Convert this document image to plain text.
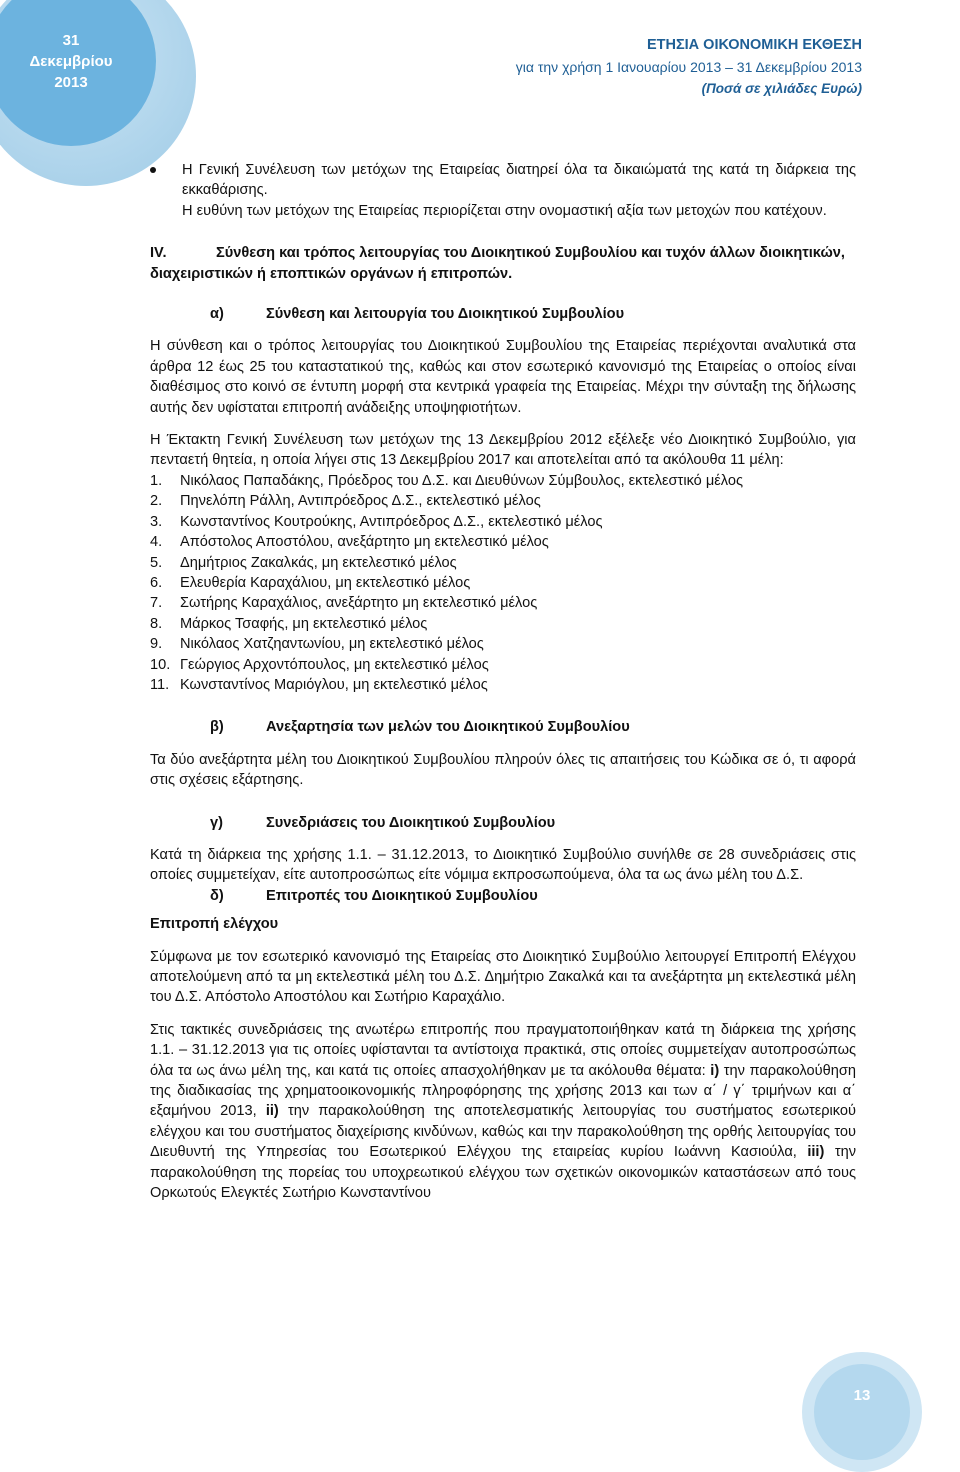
31
Δεκεμβρίου
2013
ΕΤΗΣΙΑ ΟΙΚΟΝΟΜΙΚΗ ΕΚΘΕΣΗ
για την χρήση 1 Ιανουαρίου 2013 – 31 Δεκεμβρίου 2013
(Ποσά σε χιλιάδες Ευρώ)
Η Γενική Συνέλευση των μετόχων της Εταιρείας διατηρεί όλα τα δικαιώματά της κατά τη διάρκεια της εκκαθάρισης.
Η ευθύνη των μετόχων της Εταιρείας περιορίζεται στην ονομαστική αξία των μετοχών που κατέχουν.
IV.	Σύνθεση και τρόπος λειτουργίας του Διοικητικού Συμβουλίου και τυχόν άλλων διοικητικών, διαχειριστικών ή εποπτικών οργάνων ή επιτροπών.
α)	Σύνθεση και λειτουργία του Διοικητικού Συμβουλίου

Η σύνθεση και ο τρόπος λειτουργίας του Διοικητικού Συμβουλίου της Εταιρείας περιέχονται αναλυτικά στα άρθρα 12 έως 25 του καταστατικού της, καθώς και στον εσωτερικό κανονισμό της Εταιρείας ο οποίος είναι διαθέσιμος στο κοινό σε έντυπη μορφή στα κεντρικά γραφεία της Εταιρείας. Μέχρι την σύνταξη της δήλωσης αυτής δεν υφίσταται επιτροπή ανάδειξης υποψηφιοτήτων.

Η Έκτακτη Γενική Συνέλευση των μετόχων της 13 Δεκεμβρίου 2012 εξέλεξε νέο Διοικητικό Συμβούλιο, για πενταετή θητεία, η οποία λήγει στις 13 Δεκεμβρίου 2017 και αποτελείται από τα ακόλουθα 11 μέλη:

1.	Νικόλαος Παπαδάκης, Πρόεδρος του Δ.Σ. και Διευθύνων Σύμβουλος, εκτελεστικό μέλος
2.	Πηνελόπη Ράλλη, Αντιπρόεδρος Δ.Σ., εκτελεστικό μέλος
3.	Κωνσταντίνος Κουτρούκης, Αντιπρόεδρος Δ.Σ., εκτελεστικό μέλος
4.	Απόστολος Αποστόλου, ανεξάρτητο μη εκτελεστικό μέλος
5.	Δημήτριος Ζακαλκάς, μη εκτελεστικό μέλος
6.	Ελευθερία Καραχάλιου, μη εκτελεστικό μέλος
7.	Σωτήρης Καραχάλιος, ανεξάρτητο μη εκτελεστικό μέλος
8.	Μάρκος Τσαφής, μη εκτελεστικό μέλος
9.	Νικόλαος Χατζηαντωνίου, μη εκτελεστικό μέλος
10. Γεώργιος Αρχοντόπουλος, μη εκτελεστικό μέλος
11. Κωνσταντίνος Μαριόγλου, μη εκτελεστικό μέλος
β)	Ανεξαρτησία των μελών του Διοικητικού Συμβουλίου

Τα δύο ανεξάρτητα μέλη του Διοικητικού Συμβουλίου πληρούν όλες τις απαιτήσεις του Κώδικα σε ό, τι αφορά στις σχέσεις εξάρτησης.

γ)	Συνεδριάσεις του Διοικητικού Συμβουλίου

Κατά τη διάρκεια της χρήσης 1.1. – 31.12.2013, το Διοικητικό Συμβούλιο συνήλθε σε 28 συνεδριάσεις στις οποίες συμμετείχαν, είτε αυτοπροσώπως είτε νόμιμα εκπροσωπούμενα, όλα τα ως άνω μέλη του Δ.Σ.

δ)	Επιτροπές του Διοικητικού Συμβουλίου
Επιτροπή ελέγχου

Σύμφωνα με τον εσωτερικό κανονισμό της Εταιρείας στο Διοικητικό Συμβούλιο λειτουργεί Επιτροπή Ελέγχου αποτελούμενη από τα μη εκτελεστικά μέλη του Δ.Σ. Δημήτριο Ζακαλκά και τα ανεξάρτητα μη εκτελεστικά μέλη του Δ.Σ. Απόστολο Αποστόλου και Σωτήριο Καραχάλιο.

Στις τακτικές συνεδριάσεις της ανωτέρω επιτροπής που πραγματοποιήθηκαν κατά τη διάρκεια της χρήσης 1.1. – 31.12.2013 για τις οποίες υφίστανται τα αντίστοιχα πρακτικά, στις οποίες συμμετείχαν αυτοπροσώπως όλα τα ως άνω μέλη της, και κατά τις οποίες απασχολήθηκαν με τα ακόλουθα θέματα: i) την παρακολούθηση της διαδικασίας της χρηματοοικονομικής πληροφόρησης της χρήσης 2013 και των α΄ / γ΄ τριμήνων και α΄ εξαμήνου 2013, ii) την παρακολούθηση της αποτελεσματικής λειτουργίας του συστήματος εσωτερικού ελέγχου και του συστήματος διαχείρισης κινδύνων, καθώς και την παρακολούθηση της ορθής λειτουργίας του Διευθυντή της Υπηρεσίας του Εσωτερικού Ελέγχου της εταιρείας κυρίου Ιωάννη Κασιούλα, iii) την παρακολούθηση της πορείας του υποχρεωτικού ελέγχου των σχετικών οικονομικών καταστάσεων από τους Ορκωτούς Ελεγκτές Σωτήριο Κωνσταντίνου

13
